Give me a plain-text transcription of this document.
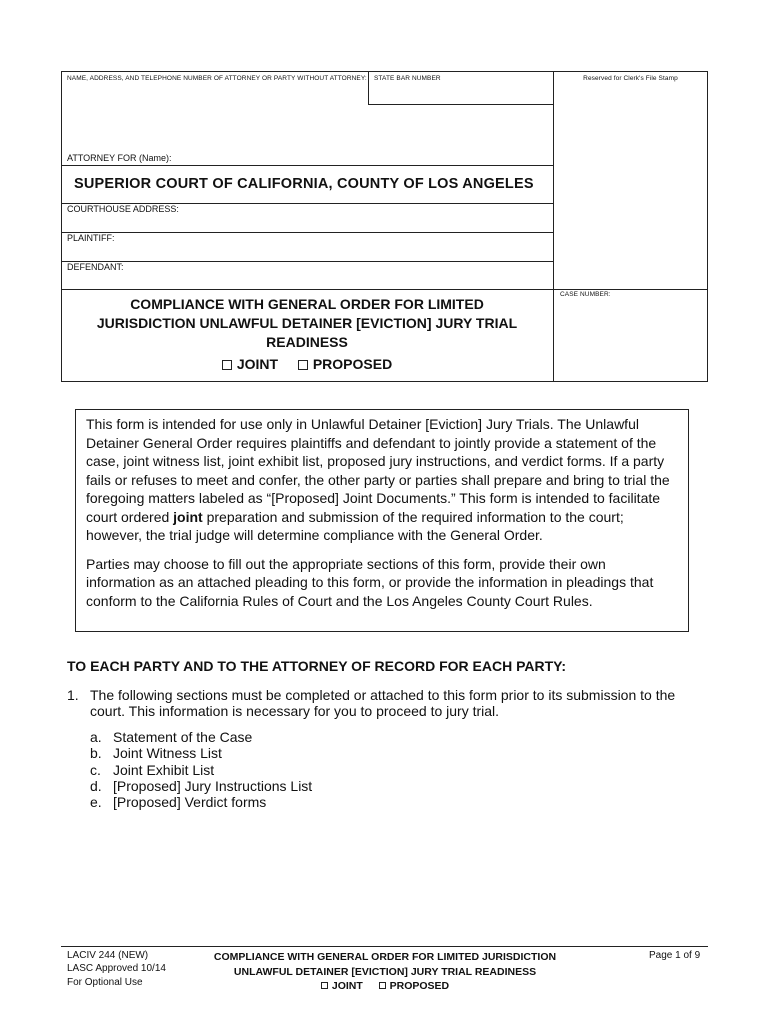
NAME, ADDRESS, AND TELEPHONE NUMBER OF ATTORNEY OR PARTY WITHOUT ATTORNEY: STATE BAR NUMBER	Reserved for Clerk's File Stamp
ATTORNEY FOR (Name):
SUPERIOR COURT OF CALIFORNIA, COUNTY OF LOS ANGELES
COURTHOUSE ADDRESS:
PLAINTIFF:
DEFENDANT:
CASE NUMBER:
COMPLIANCE WITH GENERAL ORDER FOR LIMITED
JURISDICTION UNLAWFUL DETAINER [EVICTION] JURY TRIAL
READINESS
JOINT PROPOSED

This form is intended for use only in Unlawful Detainer [Eviction] Jury Trials. The Unlawful Detainer General Order requires plaintiffs and defendant to jointly provide a statement of the case, joint witness list, joint exhibit list, proposed jury instructions, and verdict forms. If a party fails or refuses to meet and confer, the other party or parties shall prepare and bring to trial the foregoing matters labeled as “[Proposed] Joint Documents.” This form is intended to facilitate court ordered joint preparation and submission of the required information to the court; however, the trial judge will determine compliance with the General Order.

Parties may choose to fill out the appropriate sections of this form, provide their own information as an attached pleading to this form, or provide the information in pleadings that conform to the California Rules of Court and the Los Angeles County Court Rules.

TO EACH PARTY AND TO THE ATTORNEY OF RECORD FOR EACH PARTY:
1. The following sections must be completed or attached to this form prior to its submission to the court. This information is necessary for you to proceed to jury trial.
a. Statement of the Case
b. Joint Witness List
c. Joint Exhibit List
d. [Proposed] Jury Instructions List
e. [Proposed] Verdict forms
LACIV 244 (NEW)
LASC Approved 10/14
For Optional Use
COMPLIANCE WITH GENERAL ORDER FOR LIMITED JURISDICTION
UNLAWFUL DETAINER [EVICTION] JURY TRIAL READINESS
JOINT	PROPOSED
Page 1 of 9
